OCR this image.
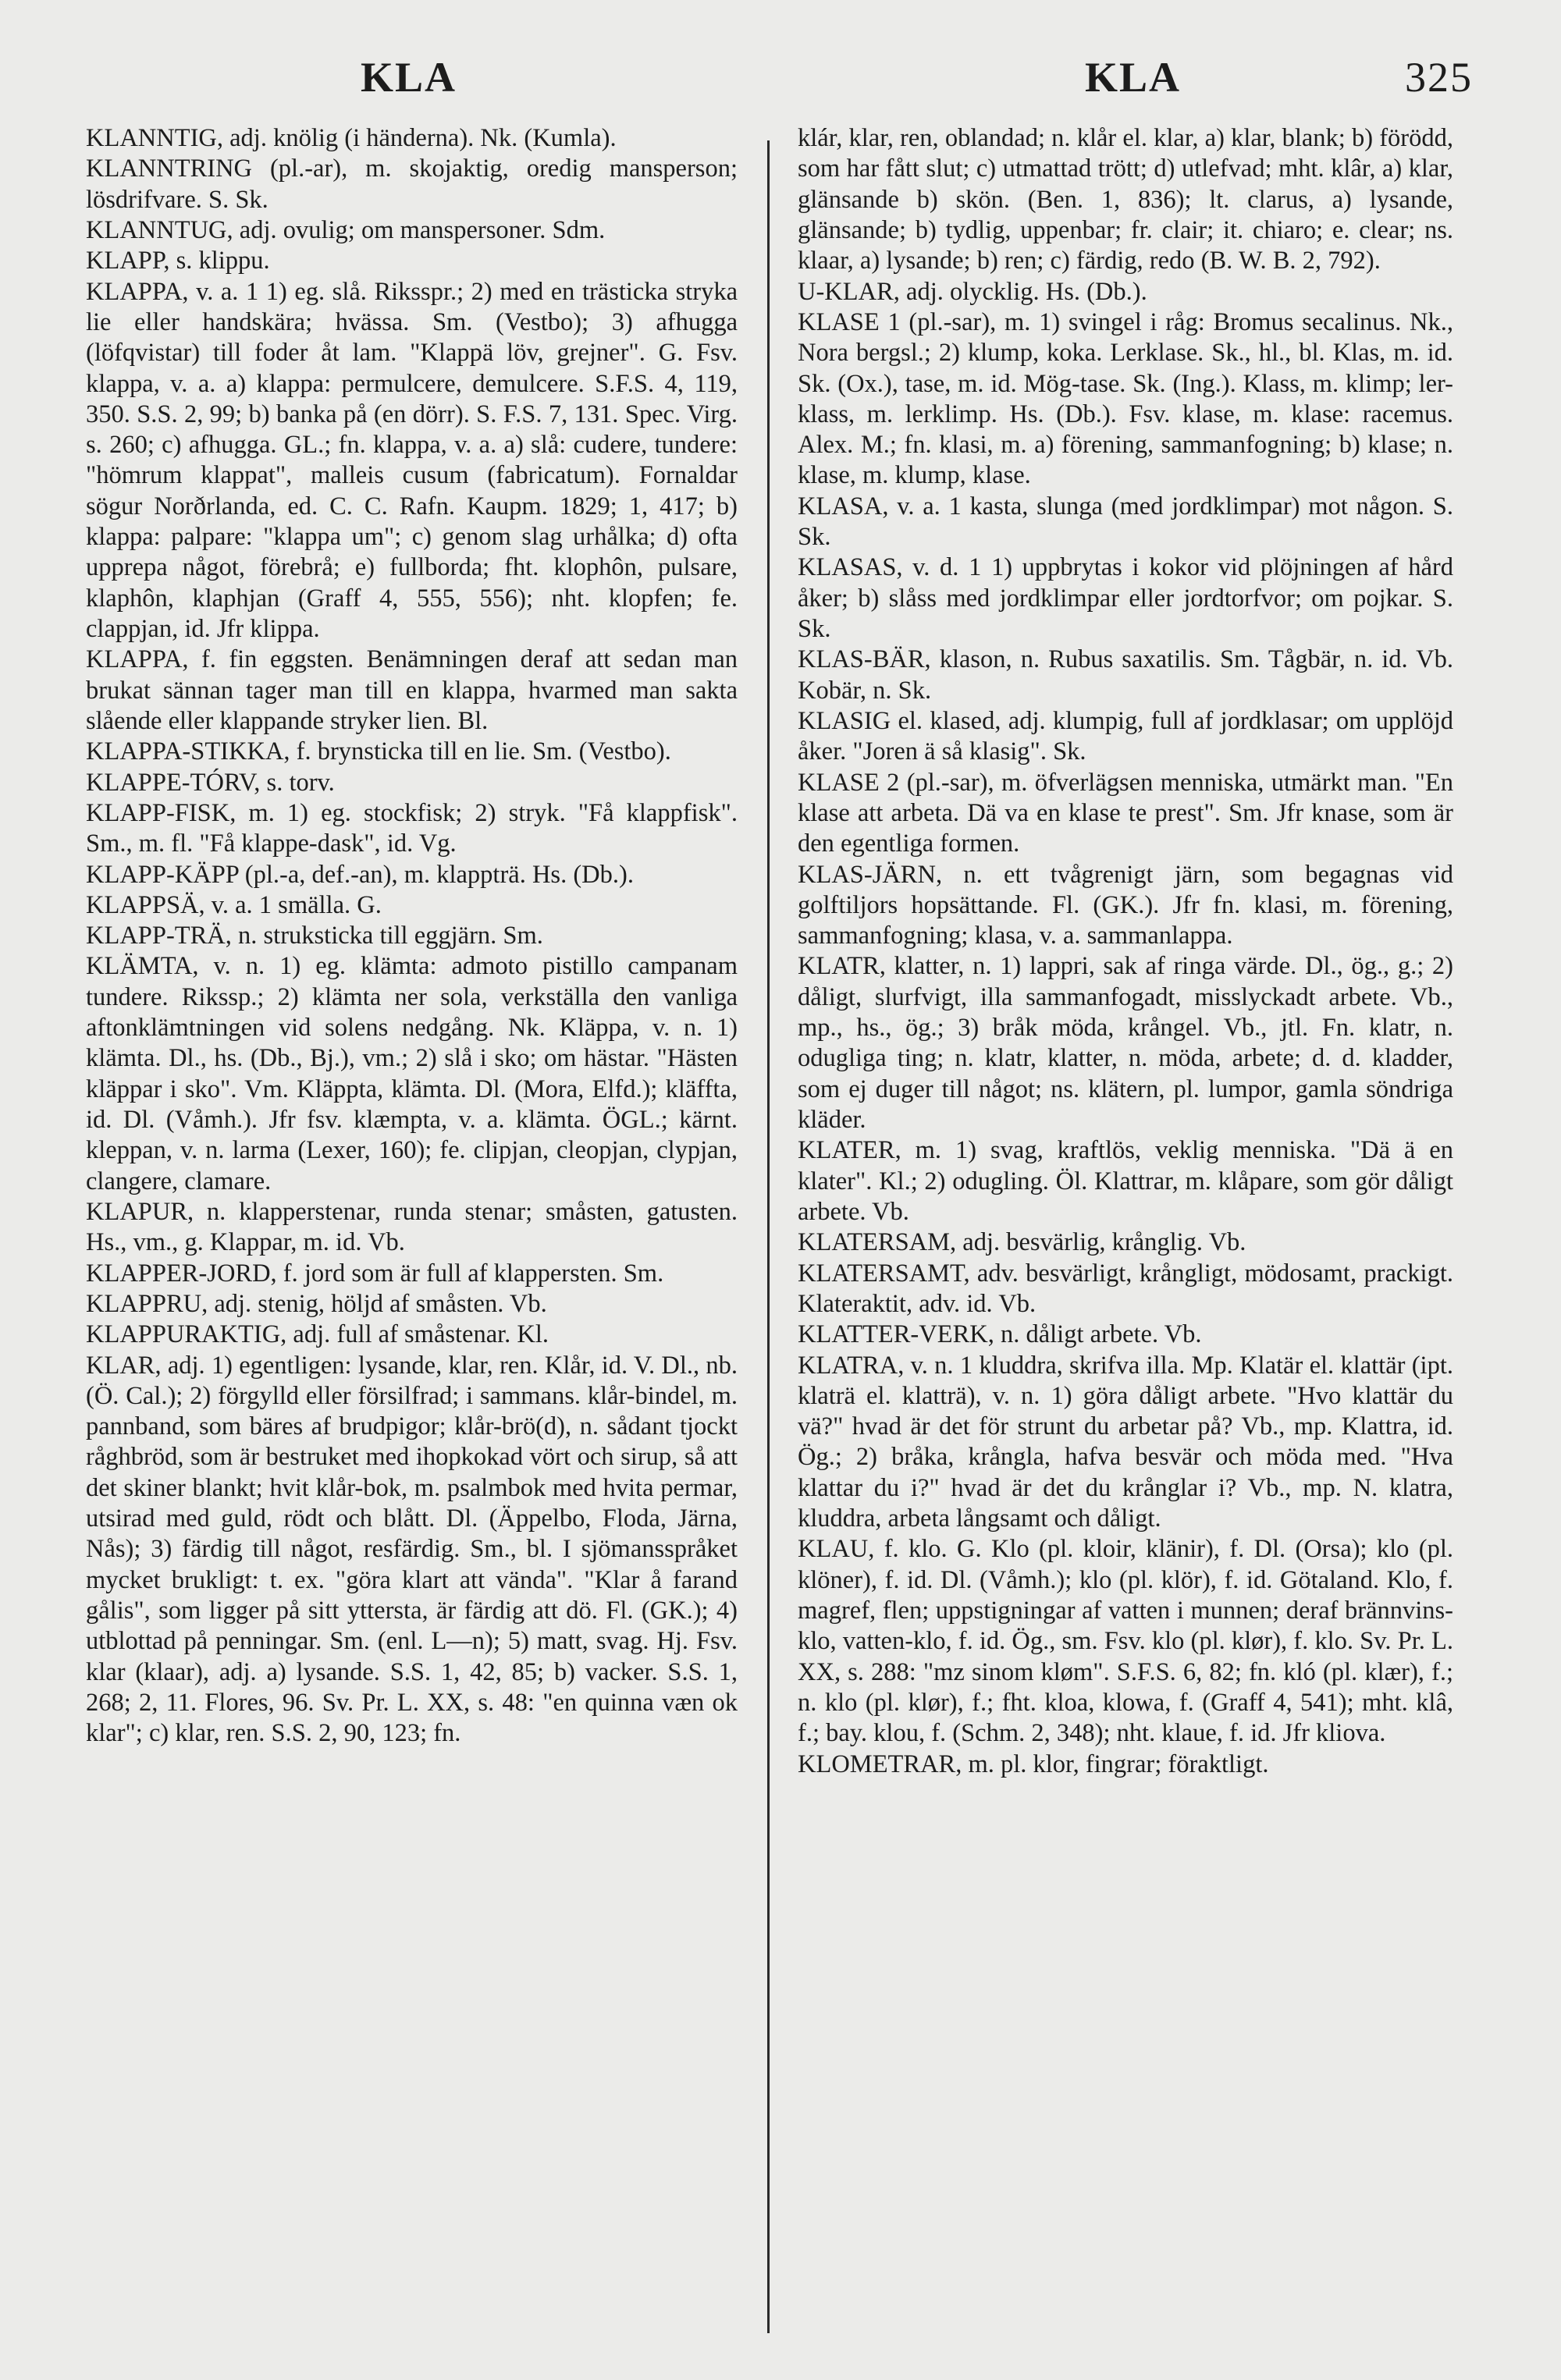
KLA	KLA	325

KLANNTIG, adj. knölig (i händerna). Nk. (Kumla).

KLANNTRING (pl.-ar), m. skojaktig, oredig mansperson; lösdrifvare. S. Sk.

KLANNTUG, adj. ovulig; om manspersoner. Sdm.

KLAPP, s. klippu.

KLAPPA, v. a. 1 1) eg. slå. Riksspr.; 2) med en trästicka stryka lie eller handskära; hvässa. Sm. (Vestbo); 3) afhugga (löfqvistar) till foder åt lam. "Klappä löv, grejner". G. Fsv. klappa, v. a. a) klappa: permulcere, demulcere. S.F.S. 4, 119, 350. S.S. 2, 99; b) banka på (en dörr). S. F.S. 7, 131. Spec. Virg. s. 260; c) afhugga. GL.; fn. klappa, v. a. a) slå: cudere, tundere: "hömrum klappat", malleis cusum (fabricatum). Fornaldar sögur Norðrlanda, ed. C. C. Rafn. Kaupm. 1829; 1, 417; b) klappa: palpare: "klappa um"; c) genom slag urhålka; d) ofta upprepa något, förebrå; e) fullborda; fht. klophôn, pulsare, klaphôn, klaphjan (Graff 4, 555, 556); nht. klopfen; fe. clappjan, id. Jfr klippa.

KLAPPA, f. fin eggsten. Benämningen deraf att sedan man brukat sännan tager man till en klappa, hvarmed man sakta slående eller klappande stryker lien. Bl.

KLAPPA-STIKKA, f. brynsticka till en lie. Sm. (Vestbo).

KLAPPE-TÓRV, s. torv.

KLAPP-FISK, m. 1) eg. stockfisk; 2) stryk. "Få klappfisk". Sm., m. fl. "Få klappe-dask", id. Vg.

KLAPP-KÄPP (pl.-a, def.-an), m. klappträ. Hs. (Db.).

KLAPPSÄ, v. a. 1 smälla. G.

KLAPP-TRÄ, n. struksticka till eggjärn. Sm.

KLÄMTA, v. n. 1) eg. klämta: admoto pistillo campanam tundere. Rikssp.; 2) klämta ner sola, verkställa den vanliga aftonklämtningen vid solens nedgång. Nk. Kläppa, v. n. 1) klämta. Dl., hs. (Db., Bj.), vm.; 2) slå i sko; om hästar. "Hästen kläppar i sko". Vm. Kläppta, klämta. Dl. (Mora, Elfd.); kläffta, id. Dl. (Våmh.). Jfr fsv. klæmpta, v. a. klämta. ÖGL.; kärnt. kleppan, v. n. larma (Lexer, 160); fe. clipjan, cleopjan, clypjan, clangere, clamare.

KLAPUR, n. klapperstenar, runda stenar; småsten, gatusten. Hs., vm., g. Klappar, m. id. Vb.

KLAPPER-JORD, f. jord som är full af klappersten. Sm.

KLAPPRU, adj. stenig, höljd af småsten. Vb.

KLAPPURAKTIG, adj. full af småstenar. Kl.

KLAR, adj. 1) egentligen: lysande, klar, ren. Klår, id. V. Dl., nb. (Ö. Cal.); 2) förgylld eller försilfrad; i sammans. klår-bindel, m. pannband, som bäres af brudpigor; klår-brö(d), n. sådant tjockt råghbröd, som är bestruket med ihopkokad vört och sirup, så att det skiner blankt; hvit klår-bok, m. psalmbok med hvita permar, utsirad med guld, rödt och blått. Dl. (Äppelbo, Floda, Järna, Nås); 3) färdig till något, resfärdig. Sm., bl. I sjömansspråket mycket brukligt: t. ex. "göra klart att vända". "Klar å farand gålis", som ligger på sitt yttersta, är färdig att dö. Fl. (GK.); 4) utblottad på penningar. Sm. (enl. L—n); 5) matt, svag. Hj. Fsv. klar (klaar), adj. a) lysande. S.S. 1, 42, 85; b) vacker. S.S. 1, 268; 2, 11. Flores, 96. Sv. Pr. L. XX, s. 48: "en quinna væn ok klar"; c) klar, ren. S.S. 2, 90, 123; fn.

klár, klar, ren, oblandad; n. klår el. klar, a) klar, blank; b) förödd, som har fått slut; c) utmattad trött; d) utlefvad; mht. klâr, a) klar, glänsande b) skön. (Ben. 1, 836); lt. clarus, a) lysande, glänsande; b) tydlig, uppenbar; fr. clair; it. chiaro; e. clear; ns. klaar, a) lysande; b) ren; c) färdig, redo (B. W. B. 2, 792).

U-KLAR, adj. olycklig. Hs. (Db.).

KLASE 1 (pl.-sar), m. 1) svingel i råg: Bromus secalinus. Nk., Nora bergsl.; 2) klump, koka. Lerklase. Sk., hl., bl. Klas, m. id. Sk. (Ox.), tase, m. id. Mög-tase. Sk. (Ing.). Klass, m. klimp; ler-klass, m. lerklimp. Hs. (Db.). Fsv. klase, m. klase: racemus. Alex. M.; fn. klasi, m. a) förening, sammanfogning; b) klase; n. klase, m. klump, klase.

KLASA, v. a. 1 kasta, slunga (med jordklimpar) mot någon. S. Sk.

KLASAS, v. d. 1 1) uppbrytas i kokor vid plöjningen af hård åker; b) slåss med jordklimpar eller jordtorfvor; om pojkar. S. Sk.

KLAS-BÄR, klason, n. Rubus saxatilis. Sm. Tågbär, n. id. Vb. Kobär, n. Sk.

KLASIG el. klased, adj. klumpig, full af jordklasar; om upplöjd åker. "Joren ä så klasig". Sk.

KLASE 2 (pl.-sar), m. öfverlägsen menniska, utmärkt man. "En klase att arbeta. Dä va en klase te prest". Sm. Jfr knase, som är den egentliga formen.

KLAS-JÄRN, n. ett tvågrenigt järn, som begagnas vid golftiljors hopsättande. Fl. (GK.). Jfr fn. klasi, m. förening, sammanfogning; klasa, v. a. sammanlappa.

KLATR, klatter, n. 1) lappri, sak af ringa värde. Dl., ög., g.; 2) dåligt, slurfvigt, illa sammanfogadt, misslyckadt arbete. Vb., mp., hs., ög.; 3) bråk möda, krångel. Vb., jtl. Fn. klatr, n. odugliga ting; n. klatr, klatter, n. möda, arbete; d. d. kladder, som ej duger till något; ns. klätern, pl. lumpor, gamla söndriga kläder.

KLATER, m. 1) svag, kraftlös, veklig menniska. "Dä ä en klater". Kl.; 2) odugling. Öl. Klattrar, m. klåpare, som gör dåligt arbete. Vb.

KLATERSAM, adj. besvärlig, krånglig. Vb.

KLATERSAMT, adv. besvärligt, krångligt, mödosamt, prackigt. Klateraktit, adv. id. Vb.

KLATTER-VERK, n. dåligt arbete. Vb.

KLATRA, v. n. 1 kluddra, skrifva illa. Mp. Klatär el. klattär (ipt. klaträ el. klatträ), v. n. 1) göra dåligt arbete. "Hvo klattär du vä?" hvad är det för strunt du arbetar på? Vb., mp. Klattra, id. Ög.; 2) bråka, krångla, hafva besvär och möda med. "Hva klattar du i?" hvad är det du krånglar i? Vb., mp. N. klatra, kluddra, arbeta långsamt och dåligt.

KLAU, f. klo. G. Klo (pl. kloir, klänir), f. Dl. (Orsa); klo (pl. klöner), f. id. Dl. (Våmh.); klo (pl. klör), f. id. Götaland. Klo, f. magref, flen; uppstigningar af vatten i munnen; deraf brännvins-klo, vatten-klo, f. id. Ög., sm. Fsv. klo (pl. klør), f. klo. Sv. Pr. L. XX, s. 288: "mz sinom kløm". S.F.S. 6, 82; fn. kló (pl. klær), f.; n. klo (pl. klør), f.; fht. kloa, klowa, f. (Graff 4, 541); mht. klâ, f.; bay. klou, f. (Schm. 2, 348); nht. klaue, f. id. Jfr kliova.

KLOMETRAR, m. pl. klor, fingrar; föraktligt.
